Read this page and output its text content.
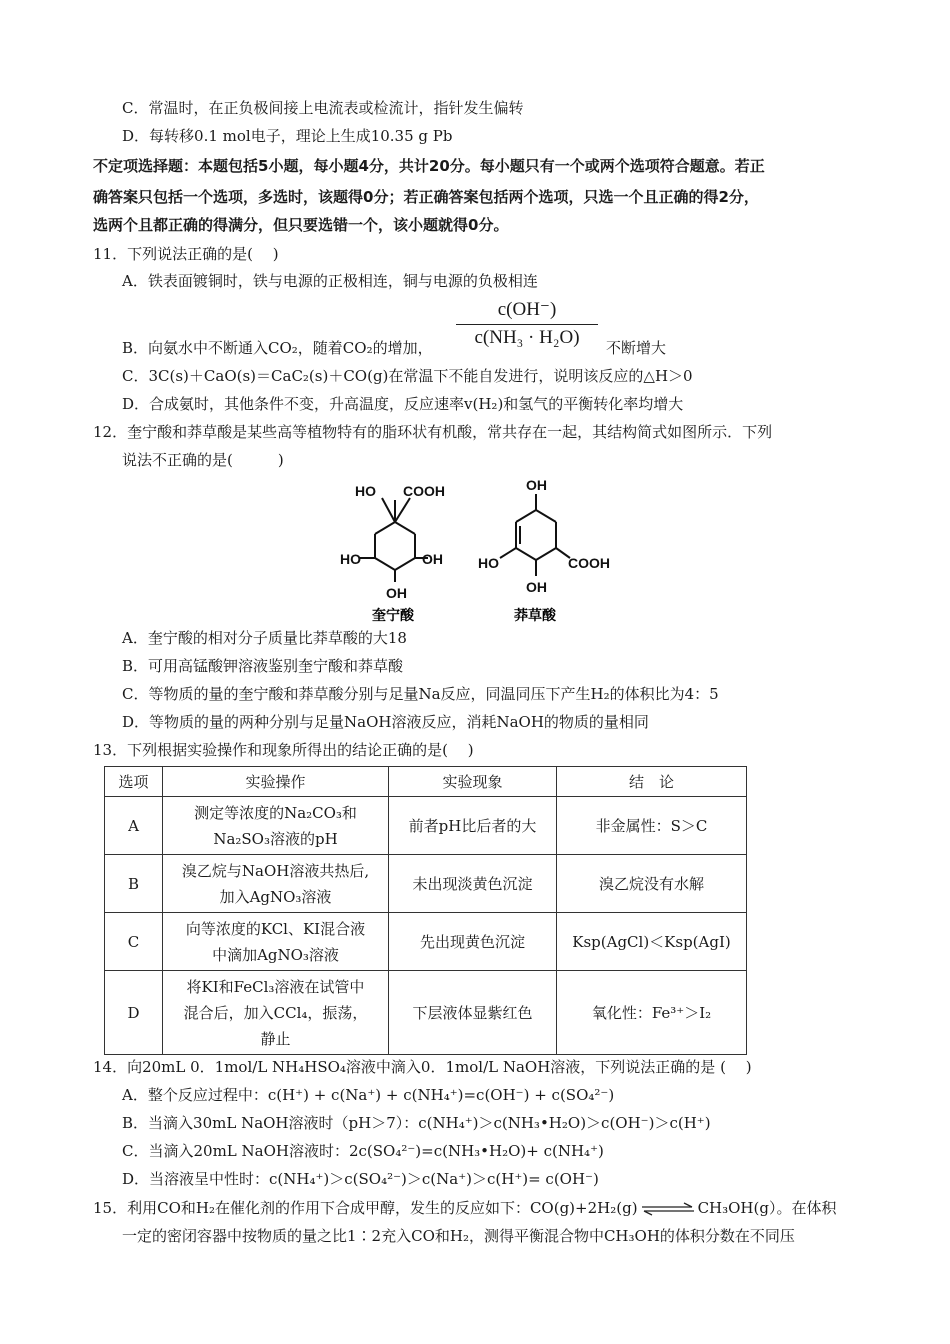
C．常温时，在正负极间接上电流表或检流计，指针发生偏转
D．每转移0.1 mol电子，理论上生成10.35 g Pb
不定项选择题：本题包括5小题，每小题4分，共计20分。每小题只有一个或两个选项符合题意。若正
确答案只包括一个选项，多选时，该题得0分；若正确答案包括两个选项，只选一个且正确的得2分，
选两个且都正确的得满分，但只要选错一个，该小题就得0分。
11．下列说法正确的是(　 )
A．铁表面镀铜时，铁与电源的正极相连，铜与电源的负极相连
B．向氨水中不断通入CO₂，随着CO₂的增加，
c(OH⁻)
c(NH₃ · H₂O)	不断增大
C．3C(s)＋CaO(s)＝CaC₂(s)＋CO(g)在常温下不能自发进行，说明该反应的△H＞0
D．合成氨时，其他条件不变，升高温度，反应速率v(H₂)和氢气的平衡转化率均增大
12．奎宁酸和莽草酸是某些高等植物特有的脂环状有机酸，常共存在一起，其结构简式如图所示．下列
说法不正确的是(　　　)
HO COOH
HO	OH
OH
OH
HO	COOH
OH
奎宁酸	莽草酸
A．奎宁酸的相对分子质量比莽草酸的大18
B．可用高锰酸钾溶液鉴别奎宁酸和莽草酸
C．等物质的量的奎宁酸和莽草酸分别与足量Na反应，同温同压下产生H₂的体积比为4：5
D．等物质的量的两种分别与足量NaOH溶液反应，消耗NaOH的物质的量相同
13．下列根据实验操作和现象所得出的结论正确的是(　 )
选项	实验操作	实验现象	结　论
A	测定等浓度的Na₂CO₃和
Na₂SO₃溶液的pH	前者pH比后者的大	非金属性：S＞C
B	溴乙烷与NaOH溶液共热后,
加入AgNO₃溶液	未出现淡黄色沉淀	溴乙烷没有水解
C	向等浓度的KCl、KI混合液
中滴加AgNO₃溶液	先出现黄色沉淀	Ksp(AgCl)＜Ksp(AgI)
D	将KI和FeCl₃溶液在试管中
混合后，加入CCl₄，振荡，
静止	下层液体显紫红色	氧化性：Fe³⁺＞I₂
14．向20mL 0．1mol/L NH₄HSO₄溶液中滴入0．1mol/L NaOH溶液，下列说法正确的是 (　 )
A．整个反应过程中：c(H⁺) + c(Na⁺) + c(NH₄⁺)=c(OH⁻) + c(SO₄²⁻)
B．当滴入30mL NaOH溶液时（pH＞7）：c(NH₄⁺)＞c(NH₃•H₂O)＞c(OH⁻)＞c(H⁺)
C．当滴入20mL NaOH溶液时：2c(SO₄²⁻)=c(NH₃•H₂O)+ c(NH₄⁺)
D．当溶液呈中性时：c(NH₄⁺)＞c(SO₄²⁻)＞c(Na⁺)＞c(H⁺)= c(OH⁻)
15．利用CO和H₂在催化剂的作用下合成甲醇，发生的反应如下：CO(g)+2H₂(g) ⇌ CH₃OH(g）。在体积
一定的密闭容器中按物质的量之比1∶2充入CO和H₂，测得平衡混合物中CH₃OH的体积分数在不同压
